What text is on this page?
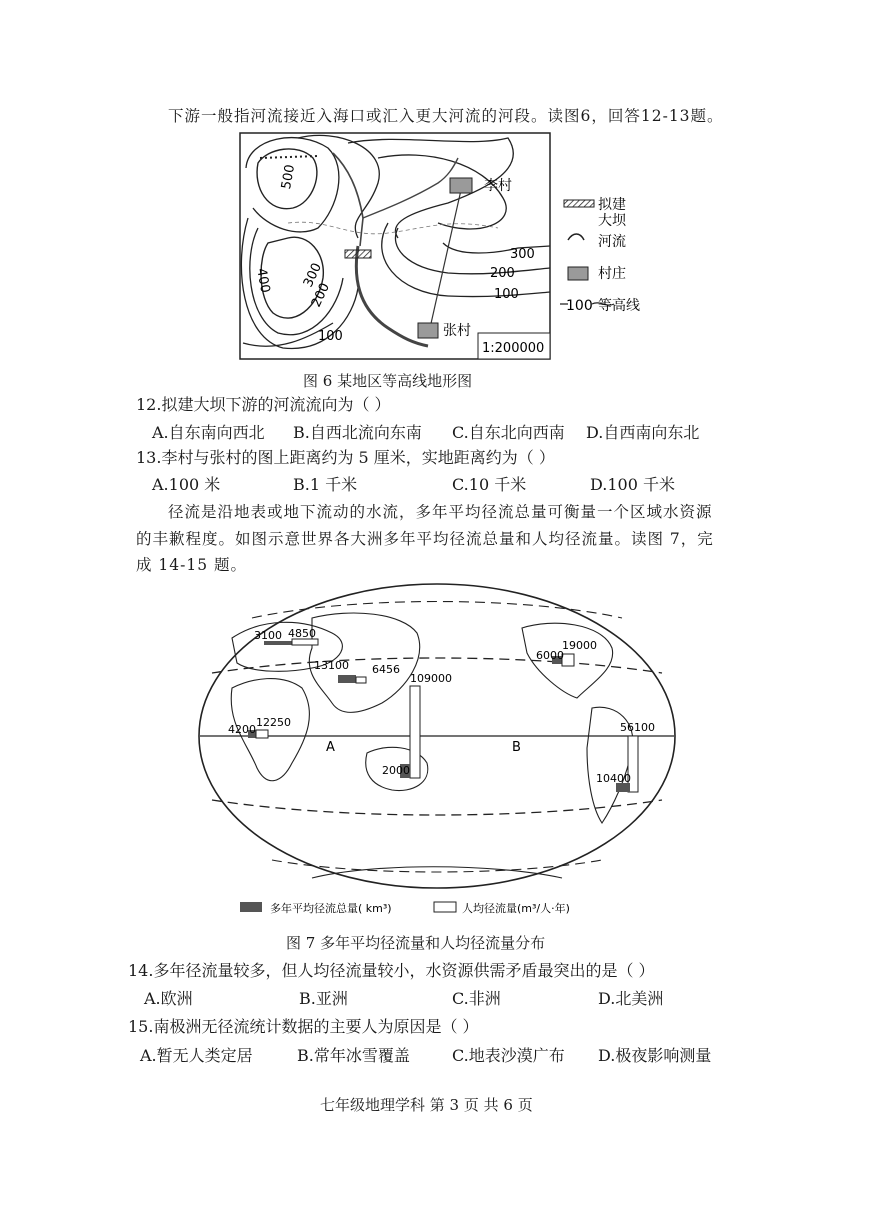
下游一般指河流接近入海口或汇入更大河流的河段。读图6，回答12-13题。
李村
张村
500
400 300
200
300
200
100
100
1:200000
拟建
大坝
河流
村庄
100 等高线
图 6 某地区等高线地形图
12.拟建大坝下游的河流流向为（ ）
A.自东南向西北 B.自西北流向东南 C.自东北向西南 D.自西南向东北
13.李村与张村的图上距离约为 5 厘米，实地距离约为（ ）
A.100 米	B.1 千米	C.10 千米	D.100 千米
径流是沿地表或地下流动的水流，多年平均径流总量可衡量一个区域水资源
的丰歉程度。如图示意世界各大洲多年平均径流总量和人均径流量。读图 7，完
成 14-15 题。
3100 4850
13100 6456
109000
2000
4200
12250
6000
19000
56100
10400
A	B
多年平均径流总量( km³)	人均径流量(m³/人·年)
图 7 多年平均径流量和人均径流量分布
14.多年径流量较多，但人均径流量较小，水资源供需矛盾最突出的是（ ）
A.欧洲	B.亚洲	C.非洲	D.北美洲
15.南极洲无径流统计数据的主要人为原因是（ ）
A.暂无人类定居	B.常年冰雪覆盖	C.地表沙漠广布 D.极夜影响测量
七年级地理学科 第 3 页 共 6 页
